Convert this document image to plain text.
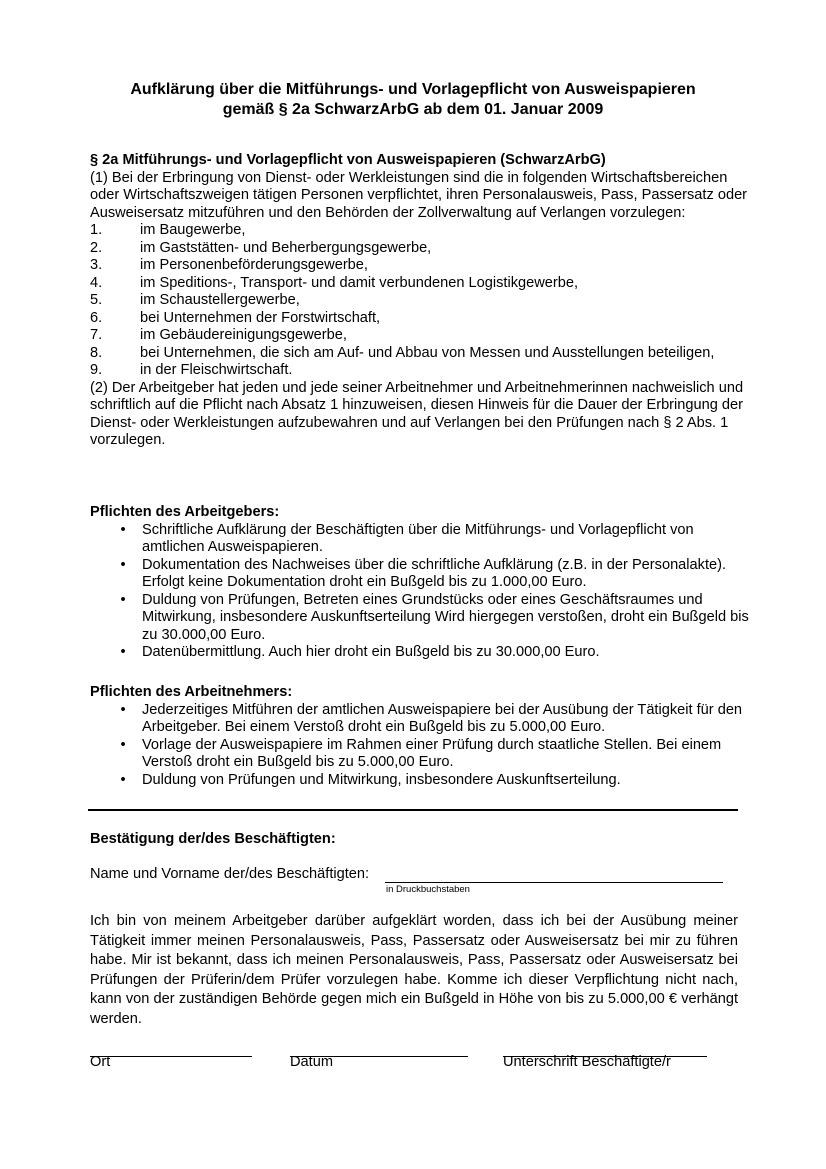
Aufklärung über die Mitführungs- und Vorlagepflicht von Ausweispapieren
gemäß § 2a SchwarzArbG ab dem 01. Januar 2009
§ 2a Mitführungs- und Vorlagepflicht von Ausweispapieren (SchwarzArbG)
(1) Bei der Erbringung von Dienst- oder Werkleistungen sind die in folgenden Wirtschaftsbereichen oder Wirtschaftszweigen tätigen Personen verpflichtet, ihren Personalausweis, Pass, Passersatz oder Ausweisersatz mitzuführen und den Behörden der Zollverwaltung auf Verlangen vorzulegen:
1.	im Baugewerbe,
2.	im Gaststätten- und Beherbergungsgewerbe,
3.	im Personenbeförderungsgewerbe,
4.	im Speditions-, Transport- und damit verbundenen Logistikgewerbe,
5.	im Schaustellergewerbe,
6.	bei Unternehmen der Forstwirtschaft,
7.	im Gebäudereinigungsgewerbe,
8.	bei Unternehmen, die sich am Auf- und Abbau von Messen und Ausstellungen beteiligen,
9.	in der Fleischwirtschaft.
(2) Der Arbeitgeber hat jeden und jede seiner Arbeitnehmer und Arbeitnehmerinnen nachweislich und schriftlich auf die Pflicht nach Absatz 1 hinzuweisen, diesen Hinweis für die Dauer der Erbringung der Dienst- oder Werkleistungen aufzubewahren und auf Verlangen bei den Prüfungen nach § 2 Abs. 1 vorzulegen.
Pflichten des Arbeitgebers:
• Schriftliche Aufklärung der Beschäftigten über die Mitführungs- und Vorlagepflicht von amtlichen Ausweispapieren.
• Dokumentation des Nachweises über die schriftliche Aufklärung (z.B. in der Personalakte). Erfolgt keine Dokumentation droht ein Bußgeld bis zu 1.000,00 Euro.
• Duldung von Prüfungen, Betreten eines Grundstücks oder eines Geschäftsraumes und Mitwirkung, insbesondere Auskunftserteilung Wird hiergegen verstoßen, droht ein Bußgeld bis zu 30.000,00 Euro.
• Datenübermittlung. Auch hier droht ein Bußgeld bis zu 30.000,00 Euro.
Pflichten des Arbeitnehmers:
• Jederzeitiges Mitführen der amtlichen Ausweispapiere bei der Ausübung der Tätigkeit für den Arbeitgeber. Bei einem Verstoß droht ein Bußgeld bis zu 5.000,00 Euro.
• Vorlage der Ausweispapiere im Rahmen einer Prüfung durch staatliche Stellen. Bei einem Verstoß droht ein Bußgeld bis zu 5.000,00 Euro.
• Duldung von Prüfungen und Mitwirkung, insbesondere Auskunftserteilung.
Bestätigung der/des Beschäftigten:
Name und Vorname der/des Beschäftigten:
in Druckbuchstaben
Ich bin von meinem Arbeitgeber darüber aufgeklärt worden, dass ich bei der Ausübung meiner Tätigkeit immer meinen Personalausweis, Pass, Passersatz oder Ausweisersatz bei mir zu führen habe. Mir ist bekannt, dass ich meinen Personalausweis, Pass, Passersatz oder Ausweisersatz bei Prüfungen der Prüferin/dem Prüfer vorzulegen habe. Komme ich dieser Verpflichtung nicht nach, kann von der zuständigen Behörde gegen mich ein Bußgeld in Höhe von bis zu 5.000,00 € verhängt werden.
Ort	Datum	Unterschrift Beschäftigte/r
